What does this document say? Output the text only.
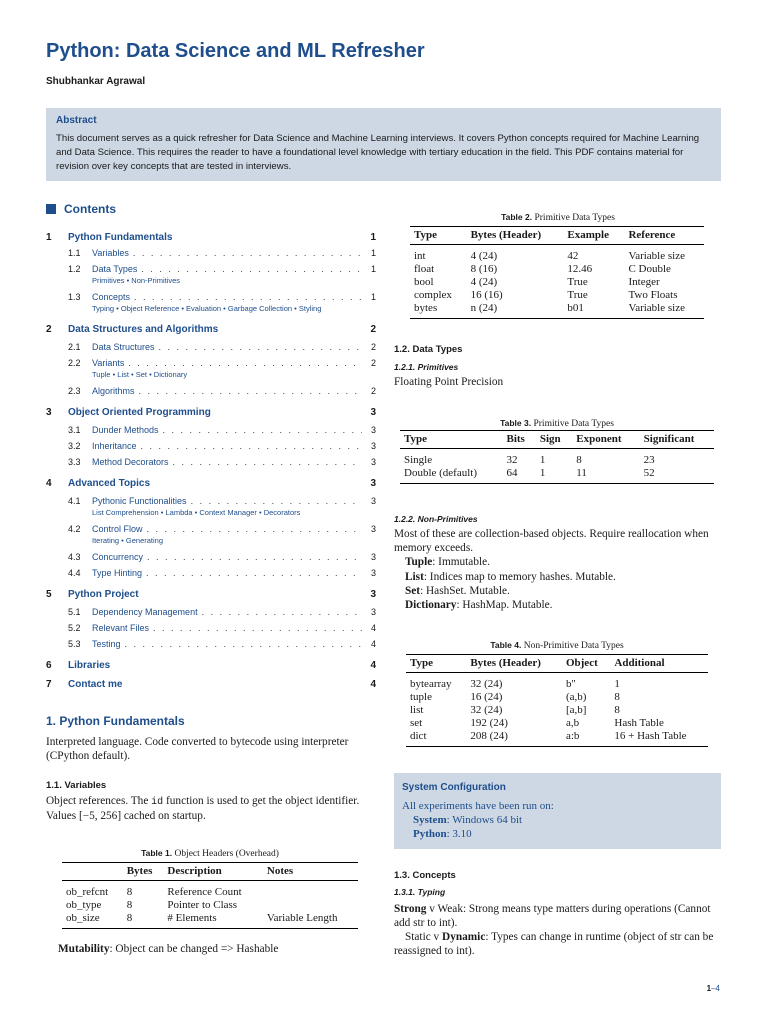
Python: Data Science and ML Refresher
Shubhankar Agrawal
Abstract
This document serves as a quick refresher for Data Science and Machine Learning interviews. It covers Python concepts required for Machine Learning and Data Science. This requires the reader to have a foundational level knowledge with tertiary education in the field. This PDF contains material for revision over key concepts that are tested in interviews.
Contents
1	Python Fundamentals	1
1.1	Variables . . .	1
1.2	Data Types . . .	1
Primitives • Non-Primitives
1.3	Concepts . . .	1
Typing • Object Reference • Evaluation • Garbage Collection • Styling
2	Data Structures and Algorithms	2
2.1	Data Structures . . .	2
2.2	Variants . . .	2
Tuple • List • Set • Dictionary
2.3	Algorithms . . .	2
3	Object Oriented Programming	3
3.1	Dunder Methods . . .	3
3.2	Inheritance . . .	3
3.3	Method Decorators . . .	3
4	Advanced Topics	3
4.1	Pythonic Functionalities . . .	3
List Comprehension • Lambda • Context Manager • Decorators
4.2	Control Flow . . .	3
Iterating • Generating
4.3	Concurrency . . .	3
4.4	Type Hinting . . .	3
5	Python Project	3
5.1	Dependency Management . . .	3
5.2	Relevant Files . . .	4
5.3	Testing . . .	4
6	Libraries	4
7	Contact me	4
1. Python Fundamentals
Interpreted language. Code converted to bytecode using interpreter (CPython default).
1.1. Variables
Object references. The id function is used to get the object identifier. Values [−5, 256] cached on startup.
Table 1. Object Headers (Overhead)
	Bytes	Description	Notes
ob_refcnt	8	Reference Count	
ob_type	8	Pointer to Class	
ob_size	8	# Elements	Variable Length
Mutability: Object can be changed => Hashable
Table 2. Primitive Data Types
Type	Bytes (Header)	Example	Reference
int	4 (24)	42	Variable size
float	8 (16)	12.46	C Double
bool	4 (24)	True	Integer
complex	16 (16)	True	Two Floats
bytes	n (24)	b01	Variable size
1.2. Data Types
1.2.1. Primitives
Floating Point Precision
Table 3. Primitive Data Types
Type	Bits	Sign	Exponent	Significant
Single	32	1	8	23
Double (default)	64	1	11	52
1.2.2. Non-Primitives
Most of these are collection-based objects. Require reallocation when memory exceeds.
Tuple: Immutable.
List: Indices map to memory hashes. Mutable.
Set: HashSet. Mutable.
Dictionary: HashMap. Mutable.
Table 4. Non-Primitive Data Types
Type	Bytes (Header)	Object	Additional
bytearray	32 (24)	b''	1
tuple	16 (24)	(a,b)	8
list	32 (24)	[a,b]	8
set	192 (24)	a,b	Hash Table
dict	208 (24)	a:b	16 + Hash Table
System Configuration
All experiments have been run on:
System: Windows 64 bit
Python: 3.10
1.3. Concepts
1.3.1. Typing
Strong v Weak: Strong means type matters during operations (Cannot add str to int).
Static v Dynamic: Types can change in runtime (object of str can be reassigned to int).
1–4
